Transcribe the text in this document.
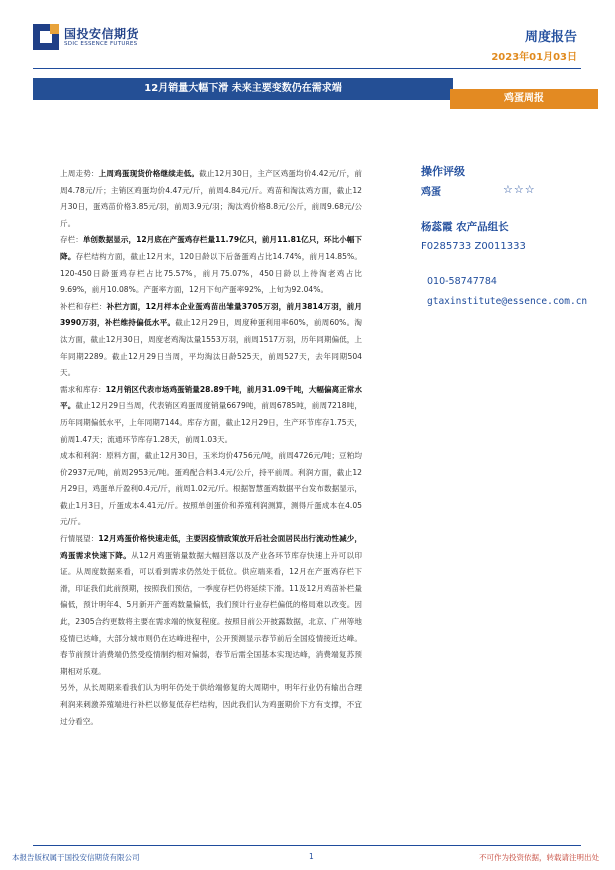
国投安信期货
SDIC ESSENCE FUTURES	周度报告
2023年01月03日
12月销量大幅下滑 未来主要变数仍在需求端
鸡蛋周报

上周走势：上周鸡蛋现货价格继续走低。截止12月30日，主产区鸡蛋均价4.42元/斤，前周4.78元/斤；主销区鸡蛋均价4.47元/斤，前周4.84元/斤。鸡苗和淘汰鸡方面，截止12月30日，蛋鸡苗价格3.85元/羽，前周3.9元/羽；淘汰鸡价格8.8元/公斤，前周9.68元/公斤。

存栏：单创数据显示，12月底在产蛋鸡存栏量11.79亿只，前月11.81亿只，环比小幅下降。存栏结构方面，截止12月末，120日龄以下后备蛋鸡占比14.74%，前月14.85%。120-450日龄蛋鸡存栏占比75.57%，前月75.07%，450日龄以上待淘老鸡占比9.69%，前月10.08%。产蛋率方面，12月下旬产蛋率92%，上旬为92.04%。

补栏和存栏：补栏方面，12月样本企业蛋鸡苗出雏量3705万羽，前月3814万羽，前月3990万羽，补栏维持偏低水平。截止12月29日，周度种蛋利用率60%，前周60%。淘汰方面，截止12月30日，周度老鸡淘汰量1553万羽，前周1517万羽，历年同期偏低，上年同期2289。截止12月29日当周，平均淘汰日龄525天，前周527天，去年同期504天。

需求和库存：12月销区代表市场鸡蛋销量28.89千吨，前月31.09千吨，大幅偏离正常水平。截止12月29日当周，代表销区鸡蛋周度销量6679吨，前周6785吨，前周7218吨，历年同期偏低水平，上年同期7144。库存方面，截止12月29日，生产环节库存1.75天，前周1.47天；流通环节库存1.28天，前周1.03天。

成本和利润：原料方面，截止12月30日，玉米均价4756元/吨，前周4726元/吨；豆粕均价2937元/吨，前周2953元/吨。蛋鸡配合料3.4元/公斤，持平前周。利润方面，截止12月29日，鸡蛋单斤盈利0.4元/斤，前周1.02元/斤。根据智慧蛋鸡数据平台发布数据显示，截止1月3日，斤蛋成本4.41元/斤。按照单创蛋价和养殖利润测算，测得斤蛋成本在4.05元/斤。

行情展望：12月鸡蛋价格快速走低，主要因疫情政策放开后社会面居民出行流动性减少，鸡蛋需求快速下降。从12月鸡蛋销量数据大幅回落以及产业各环节库存快速上升可以印证。从周度数据来看，可以看到需求仍然处于低位。供应端来看，12月在产蛋鸡存栏下滑，印证我们此前预期，按照我们预估，一季度存栏仍将延续下滑。11及12月鸡苗补栏量偏低，预计明年4、5月新开产蛋鸡数量偏低，我们预计行业存栏偏低的格局难以改变。因此，2305合约更数将主要在需求端的恢复程度。按照目前公开披露数据，北京、广州等地疫情已达峰，大部分城市则仍在达峰进程中，公开预测显示春节前后全国疫情接近达峰。春节前预计消费端仍然受疫情制约相对偏弱，春节后需全国基本实现达峰，消费端复苏预期相对乐观。

另外，从长周期来看我们认为明年仍处于供给端修复的大周期中，明年行业仍有输出合理利润来刺激养殖端进行补栏以修复低存栏结构，因此我们认为鸡蛋期价下方有支撑，不宜过分看空。

操作评级
鸡蛋	☆☆☆
杨蕊霞 农产品组长
F0285733 Z0011333
010-58747784
gtaxinstitute@essence.com.cn
本报告版权属于国投安信期货有限公司	1	不可作为投资依据，转载请注明出处
